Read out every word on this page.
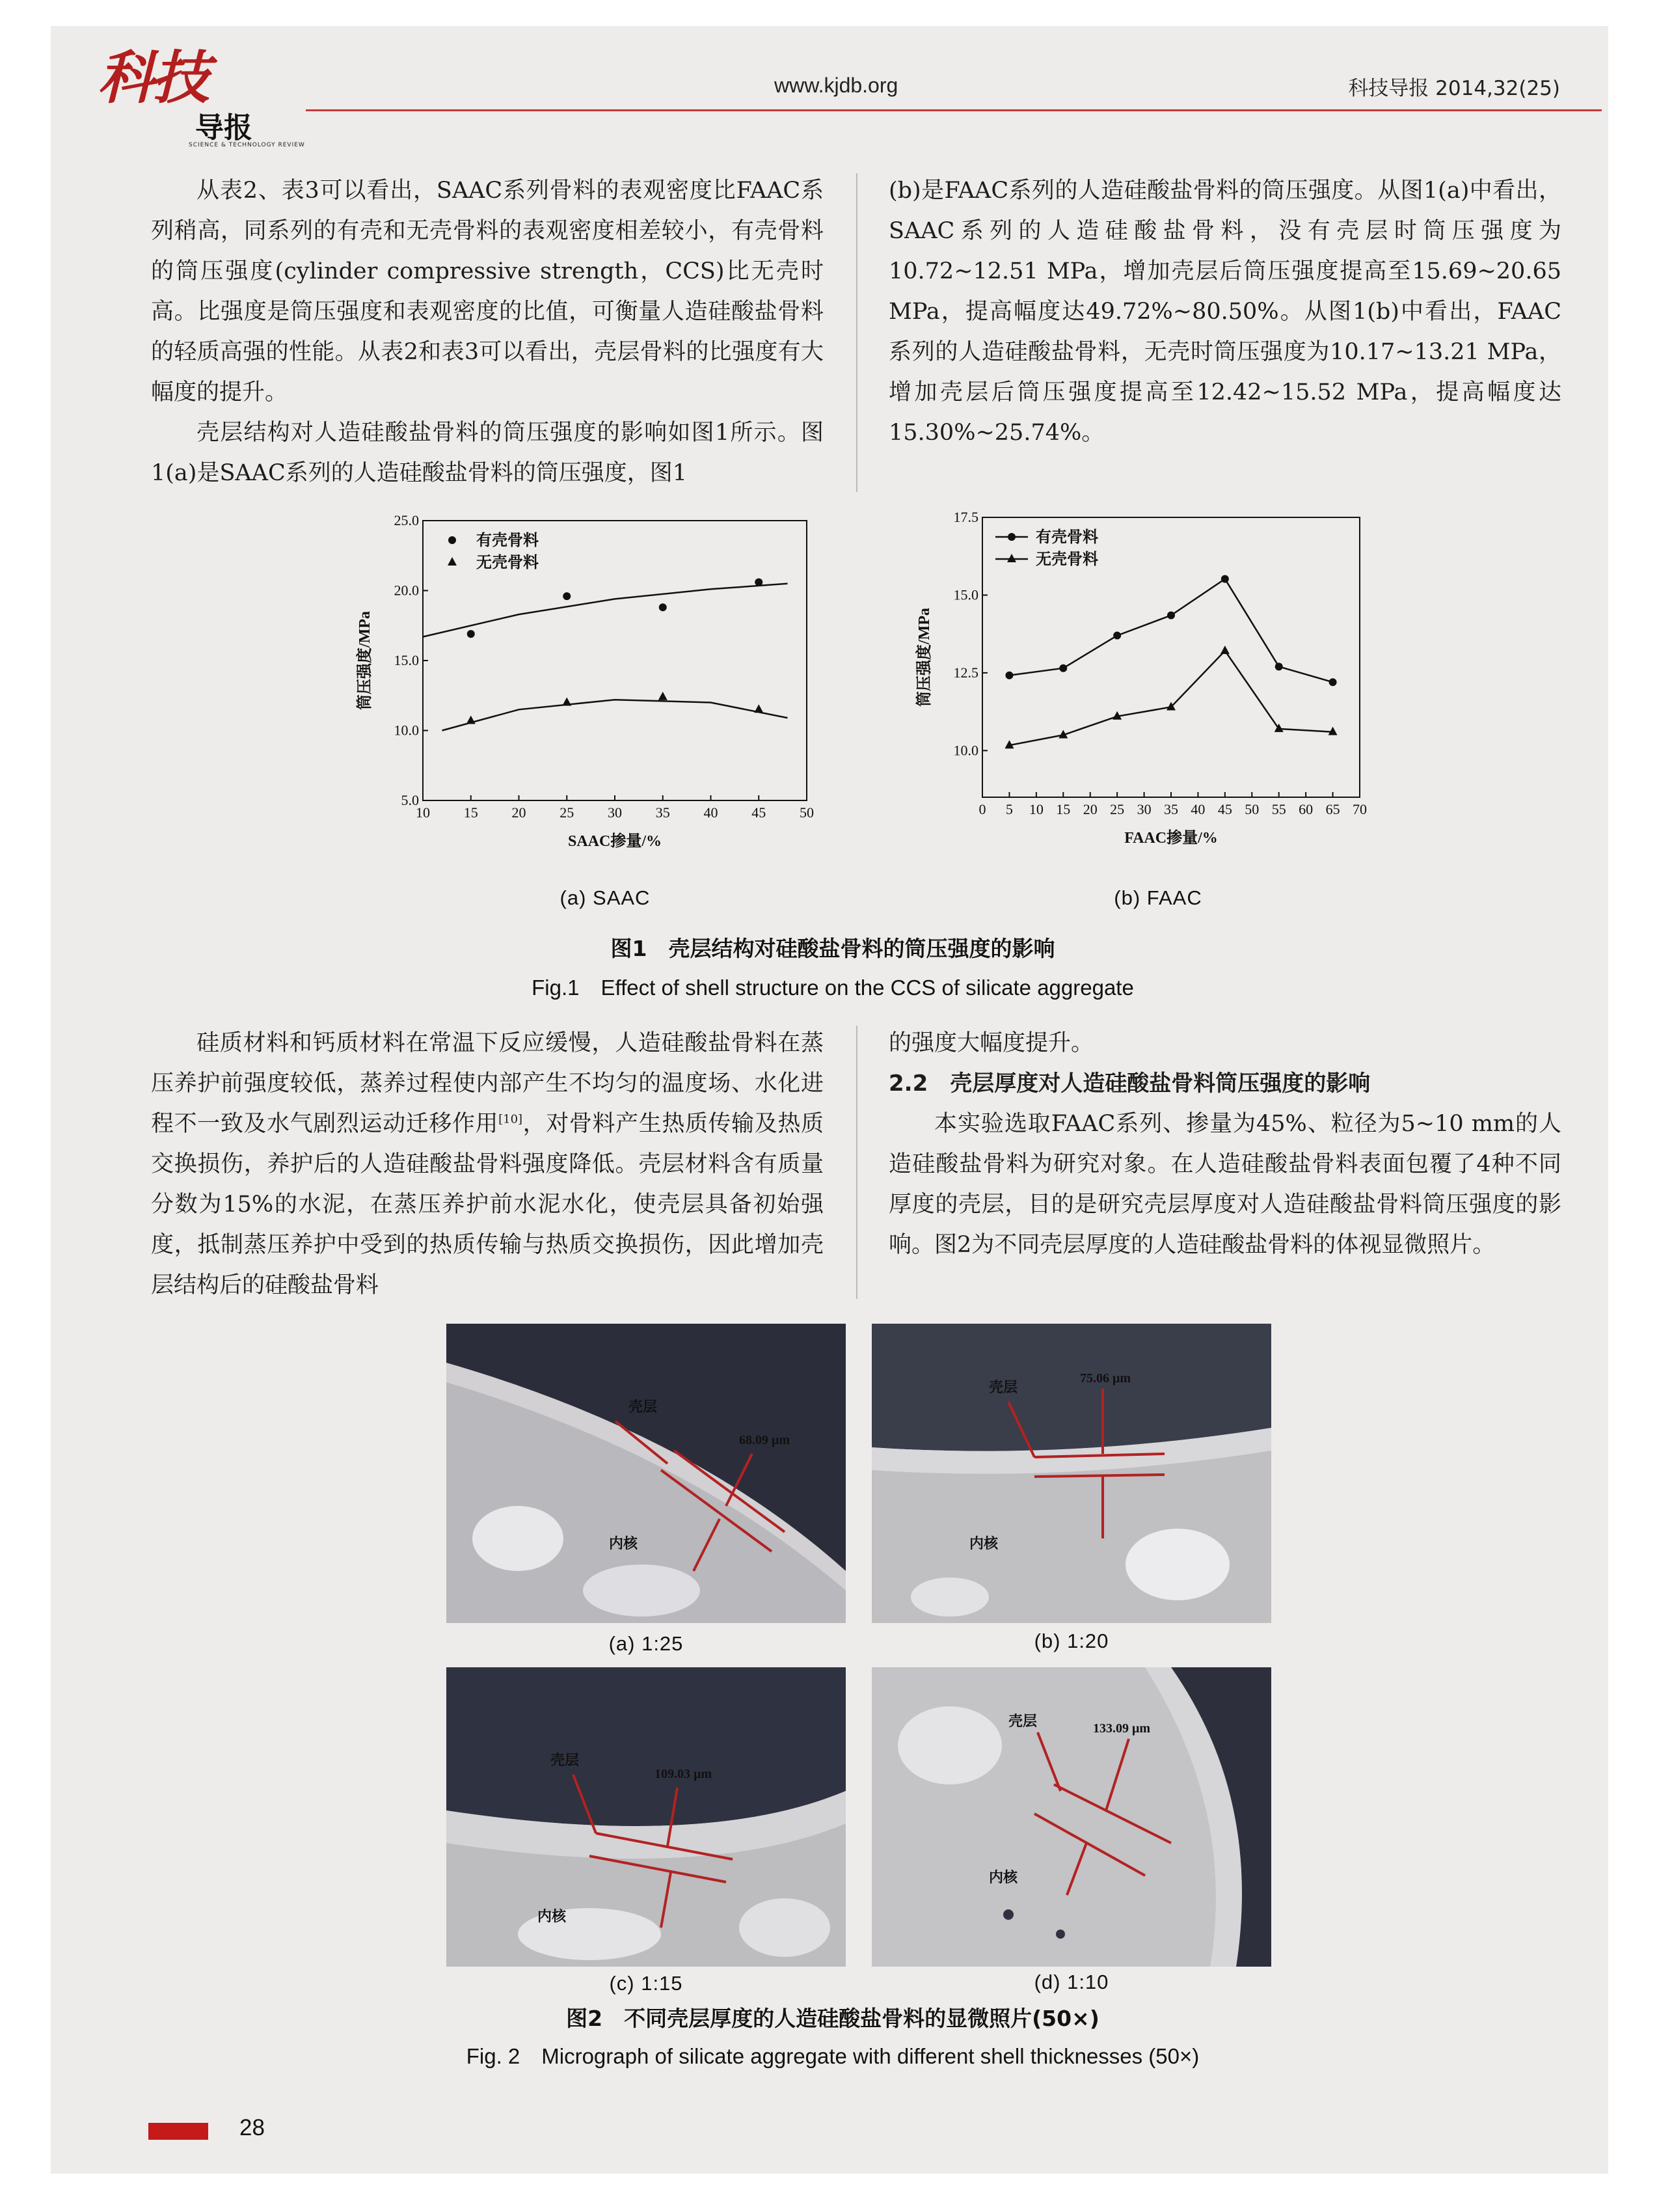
科技
导报
SCIENCE & TECHNOLOGY REVIEW
www.kjdb.org	科技导报 2014,32(25)

从表2、表3可以看出，SAAC系列骨料的表观密度比FAAC系列稍高，同系列的有壳和无壳骨料的表观密度相差较小，有壳骨料的筒压强度(cylinder compressive strength，CCS)比无壳时高。比强度是筒压强度和表观密度的比值，可衡量人造硅酸盐骨料的轻质高强的性能。从表2和表3可以看出，壳层骨料的比强度有大幅度的提升。

壳层结构对人造硅酸盐骨料的筒压强度的影响如图1所示。图1(a)是SAAC系列的人造硅酸盐骨料的筒压强度，图1

(b)是FAAC系列的人造硅酸盐骨料的筒压强度。从图1(a)中看出，SAAC系列的人造硅酸盐骨料，没有壳层时筒压强度为10.72~12.51 MPa，增加壳层后筒压强度提高至15.69~20.65 MPa，提高幅度达49.72%~80.50%。从图1(b)中看出，FAAC系列的人造硅酸盐骨料，无壳时筒压强度为10.17~13.21 MPa，增加壳层后筒压强度提高至12.42~15.52 MPa，提高幅度达15.30%~25.74%。

10 15 20 25 30 35 40 45 50
5.0
10.0
15.0
20.0
25.0
SAAC掺量/%
筒压强度/MPa
有壳骨料
无壳骨料
0 5 10 15 20 25 30 35 40 45 50 55 60 65 70
10.0
12.5
15.0
17.5
FAAC掺量/%
筒压强度/MPa
有壳骨料
无壳骨料
(a) SAAC	(b) FAAC
图1　壳层结构对硅酸盐骨料的筒压强度的影响
Fig.1　Effect of shell structure on the CCS of silicate aggregate

硅质材料和钙质材料在常温下反应缓慢，人造硅酸盐骨料在蒸压养护前强度较低，蒸养过程使内部产生不均匀的温度场、水化进程不一致及水气剧烈运动迁移作用[10]，对骨料产生热质传输及热质交换损伤，养护后的人造硅酸盐骨料强度降低。壳层材料含有质量分数为15%的水泥，在蒸压养护前水泥水化，使壳层具备初始强度，抵制蒸压养护中受到的热质传输与热质交换损伤，因此增加壳层结构后的硅酸盐骨料

的强度大幅度提升。

2.2　壳层厚度对人造硅酸盐骨料筒压强度的影响

本实验选取FAAC系列、掺量为45%、粒径为5~10 mm的人造硅酸盐骨料为研究对象。在人造硅酸盐骨料表面包覆了4种不同厚度的壳层，目的是研究壳层厚度对人造硅酸盐骨料筒压强度的影响。图2为不同壳层厚度的人造硅酸盐骨料的体视显微照片。

壳层
68.09 μm
内核
壳层
75.06 μm
内核
壳层
109.03 μm
内核
壳层	133.09 μm
内核
(a) 1:25	(b) 1:20
(c) 1:15	(d) 1:10
图2　不同壳层厚度的人造硅酸盐骨料的显微照片(50×)
Fig. 2　Micrograph of silicate aggregate with different shell thicknesses (50×)
28
